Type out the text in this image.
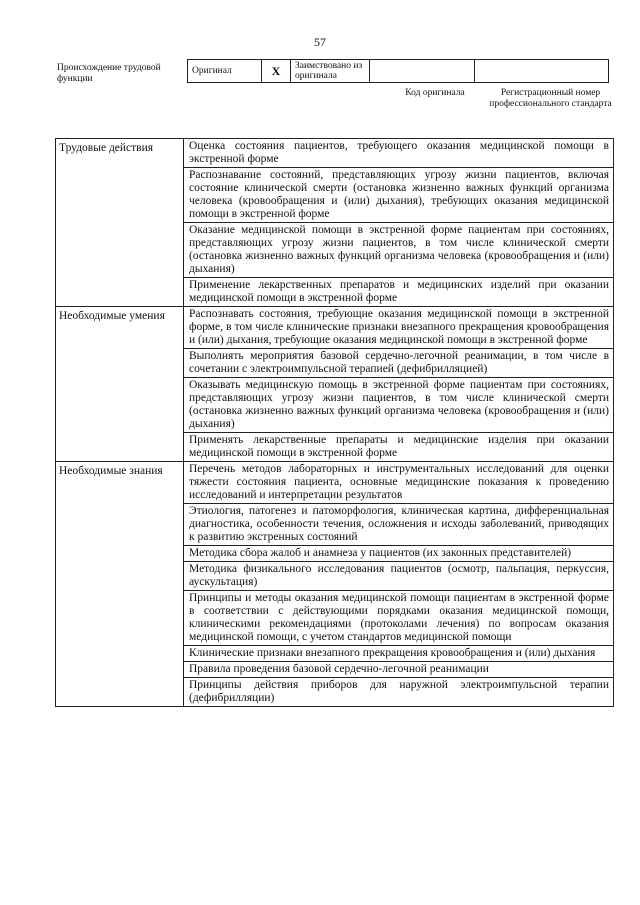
57
Происхождение трудовой функции
Оригинал	X	Заимствовано из оригинала		
Код оригинала	Регистрационный номер профессионального стандарта
Трудовые действия	Оценка состояния пациентов, требующего оказания медицинской помощи в экстренной форме
	Распознавание состояний, представляющих угрозу жизни пациентов, включая состояние клинической смерти (остановка жизненно важных функций организма человека (кровообращения и (или) дыхания), требующих оказания медицинской помощи в экстренной форме
	Оказание медицинской помощи в экстренной форме пациентам при состояниях, представляющих угрозу жизни пациентов, в том числе клинической смерти (остановка жизненно важных функций организма человека (кровообращения и (или) дыхания)
	Применение лекарственных препаратов и медицинских изделий при оказании медицинской помощи в экстренной форме
Необходимые умения	Распознавать состояния, требующие оказания медицинской помощи в экстренной форме, в том числе клинические признаки внезапного прекращения кровообращения и (или) дыхания, требующие оказания медицинской помощи в экстренной форме
	Выполнять мероприятия базовой сердечно-легочной реанимации, в том числе в сочетании с электроимпульсной терапией (дефибрилляцией)
	Оказывать медицинскую помощь в экстренной форме пациентам при состояниях, представляющих угрозу жизни пациентов, в том числе клинической смерти (остановка жизненно важных функций организма человека (кровообращения и (или) дыхания)
	Применять лекарственные препараты и медицинские изделия при оказании медицинской помощи в экстренной форме
Необходимые знания	Перечень методов лабораторных и инструментальных исследований для оценки тяжести состояния пациента, основные медицинские показания к проведению исследований и интерпретации результатов
	Этиология, патогенез и патоморфология, клиническая картина, дифференциальная диагностика, особенности течения, осложнения и исходы заболеваний, приводящих к развитию экстренных состояний
	Методика сбора жалоб и анамнеза у пациентов (их законных представителей)
	Методика физикального исследования пациентов (осмотр, пальпация, перкуссия, аускультация)
	Принципы и методы оказания медицинской помощи пациентам в экстренной форме в соответствии с действующими порядками оказания медицинской помощи, клиническими рекомендациями (протоколами лечения) по вопросам оказания медицинской помощи, с учетом стандартов медицинской помощи
	Клинические признаки внезапного прекращения кровообращения и (или) дыхания
	Правила проведения базовой сердечно-легочной реанимации
	Принципы действия приборов для наружной электроимпульсной терапии (дефибрилляции)
